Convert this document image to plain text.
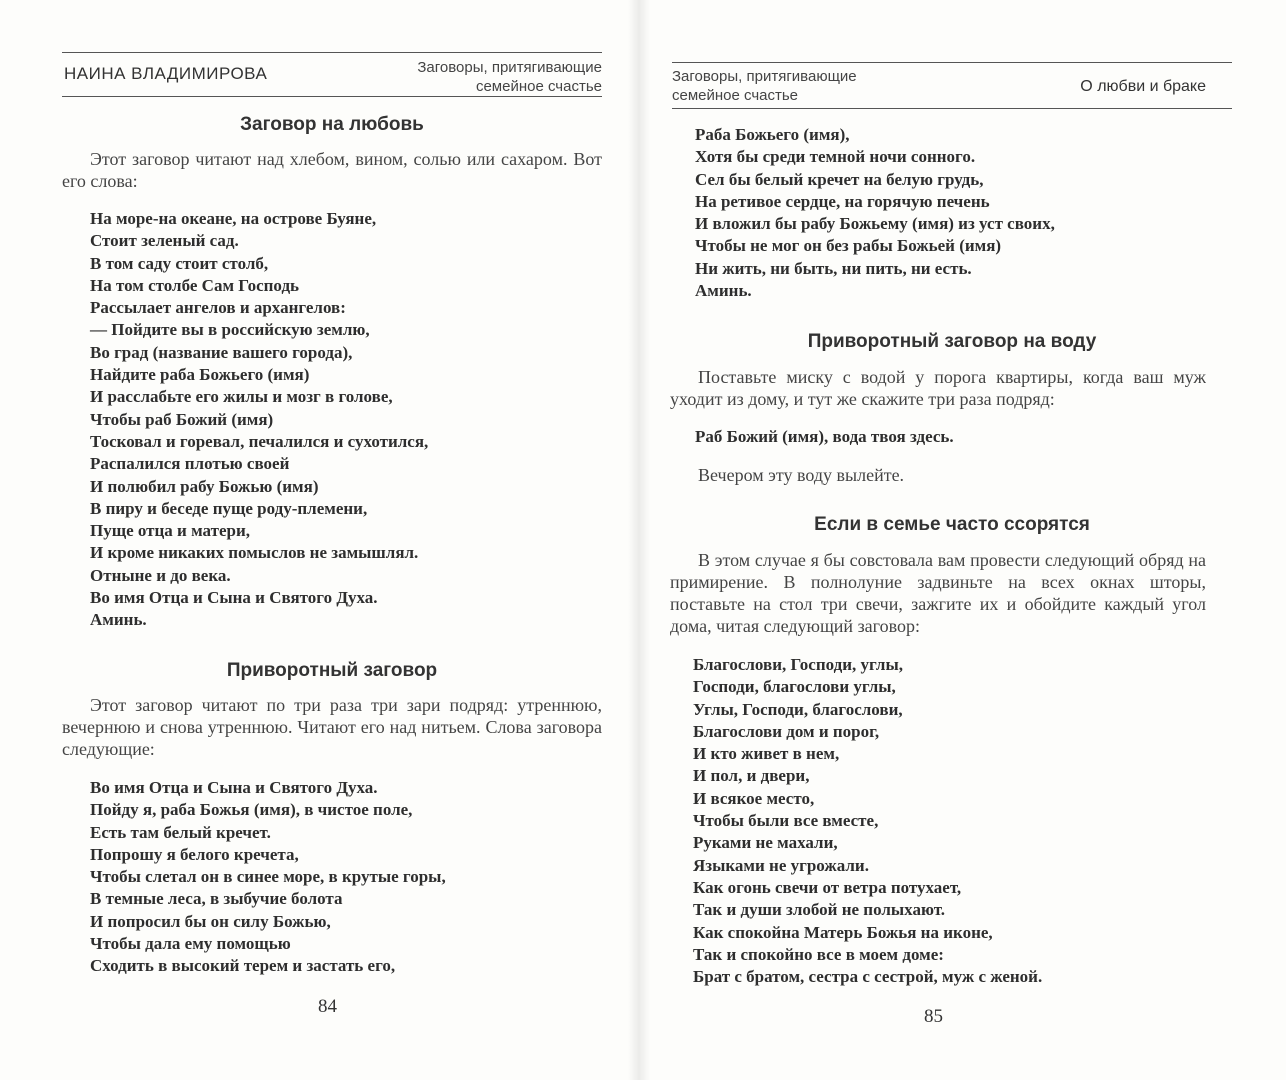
НАИНА ВЛАДИМИРОВА	Заговоры, притягивающие
семейное счастье
Заговор на любовь

Этот заговор читают над хлебом, вином, солью или сахаром. Вот его слова:

На море-на океане, на острове Буяне,
Стоит зеленый сад.
В том саду стоит столб,
На том столбе Сам Господь
Рассылает ангелов и архангелов:
— Пойдите вы в российскую землю,
Во град (название вашего города),
Найдите раба Божьего (имя)
И расслабьте его жилы и мозг в голове,
Чтобы раб Божий (имя)
Тосковал и горевал, печалился и сухотился,
Распалился плотью своей
И полюбил рабу Божью (имя)
В пиру и беседе пуще роду-племени,
Пуще отца и матери,
И кроме никаких помыслов не замышлял.
Отныне и до века.
Во имя Отца и Сына и Святого Духа.
Аминь.
Приворотный заговор

Этот заговор читают по три раза три зари подряд: утреннюю, вечернюю и снова утреннюю. Читают его над нитьем. Слова заговора следующие:

Во имя Отца и Сына и Святого Духа.
Пойду я, раба Божья (имя), в чистое поле,
Есть там белый кречет.
Попрошу я белого кречета,
Чтобы слетал он в синее море, в крутые горы,
В темные леса, в зыбучие болота
И попросил бы он силу Божью,
Чтобы дала ему помощью
Сходить в высокий терем и застать его,
84
Заговоры, притягивающие
семейное счастье
О любви и браке
Раба Божьего (имя),
Хотя бы среди темной ночи сонного.
Сел бы белый кречет на белую грудь,
На ретивое сердце, на горячую печень
И вложил бы рабу Божьему (имя) из уст своих,
Чтобы не мог он без рабы Божьей (имя)
Ни жить, ни быть, ни пить, ни есть.
Аминь.
Приворотный заговор на воду

Поставьте миску с водой у порога квартиры, когда ваш муж уходит из дому, и тут же скажите три раза подряд:

Раб Божий (имя), вода твоя здесь.

Вечером эту воду вылейте.

Если в семье часто ссорятся

В этом случае я бы совстовала вам провести следующий обряд на примирение. В полнолуние задвиньте на всех окнах шторы, поставьте на стол три свечи, зажгите их и обойдите каждый угол дома, читая следующий заговор:

Благослови, Господи, углы,
Господи, благослови углы,
Углы, Господи, благослови,
Благослови дом и порог,
И кто живет в нем,
И пол, и двери,
И всякое место,
Чтобы были все вместе,
Руками не махали,
Языками не угрожали.
Как огонь свечи от ветра потухает,
Так и души злобой не полыхают.
Как спокойна Матерь Божья на иконе,
Так и спокойно все в моем доме:
Брат с братом, сестра с сестрой, муж с женой.
85
